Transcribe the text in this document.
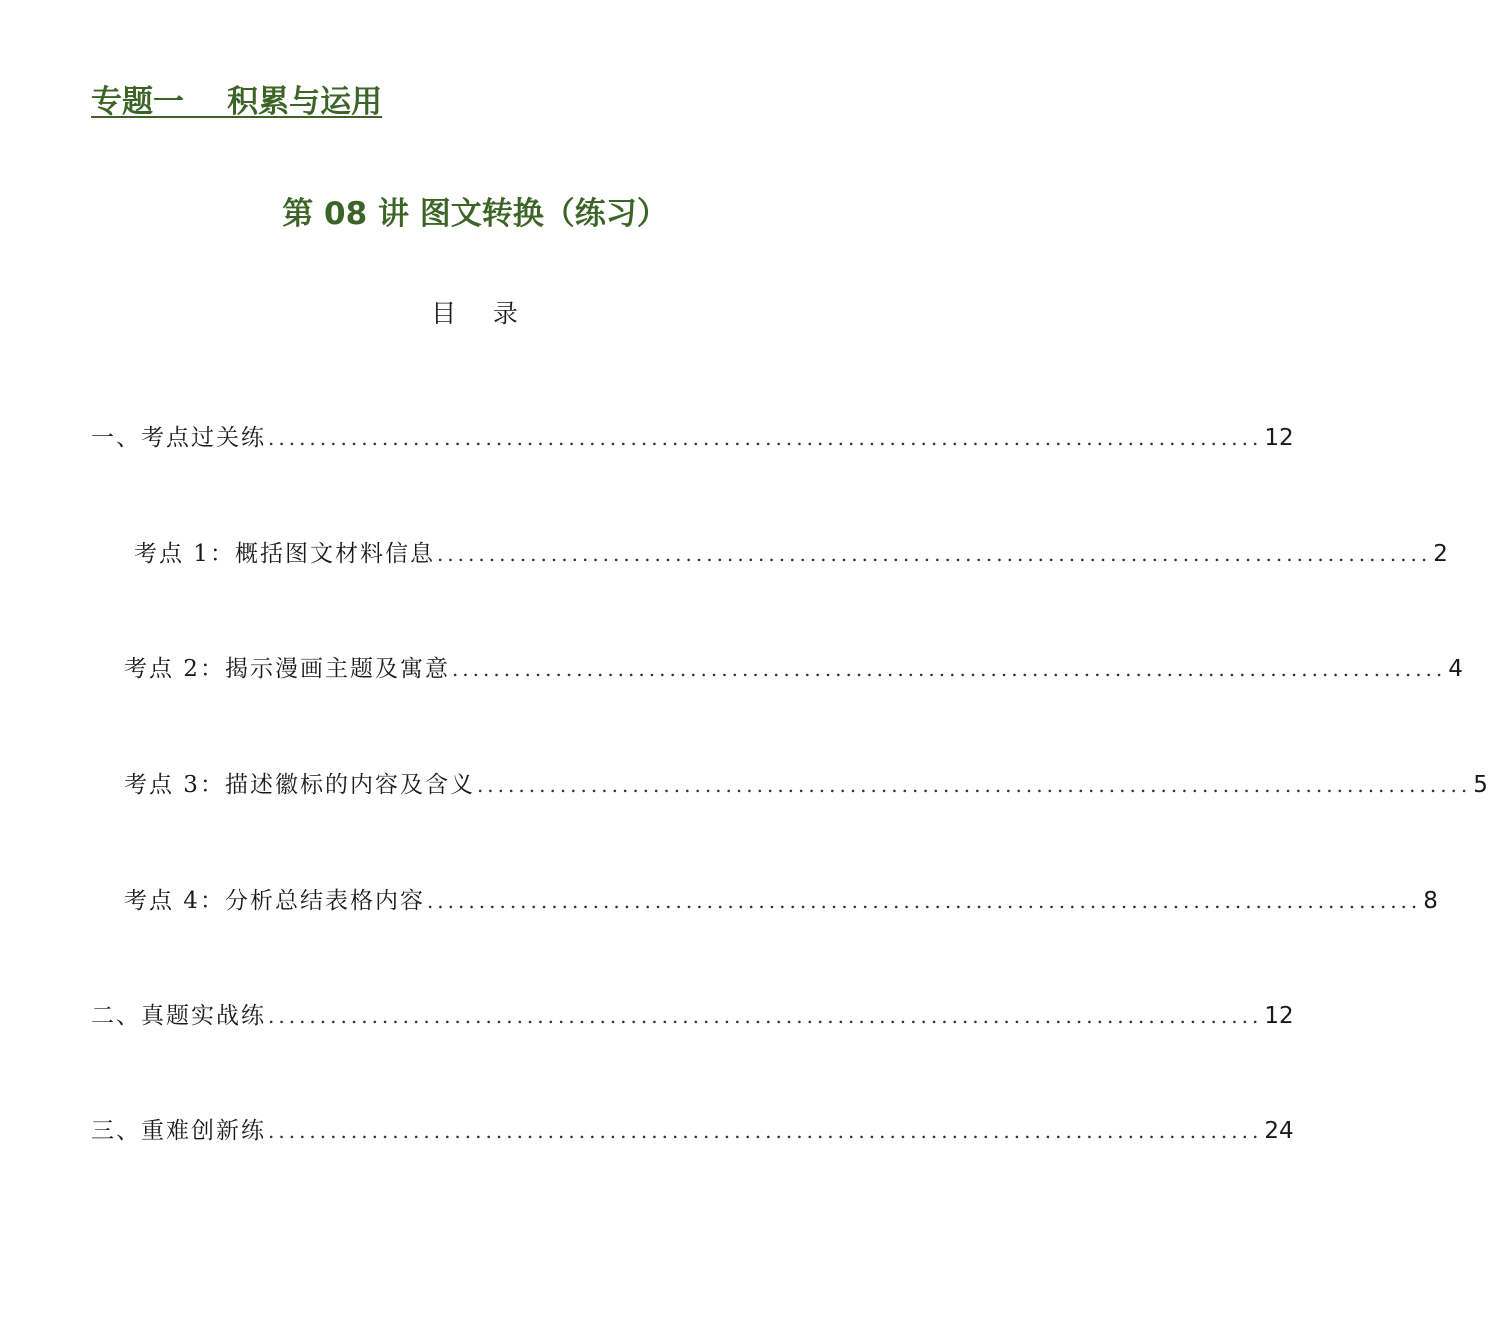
专题一    积累与运用
第 08 讲 图文转换（练习）
目    录
一、考点过关练 ................................................................................................ 12
考点 1：概括图文材料信息 ................................................................................................ 2
考点 2：揭示漫画主题及寓意 ................................................................................................ 4
考点 3：描述徽标的内容及含义 ................................................................................................ 5
考点 4：分析总结表格内容 ................................................................................................ 8
二、真题实战练 ................................................................................................ 12
三、重难创新练 ................................................................................................ 24
